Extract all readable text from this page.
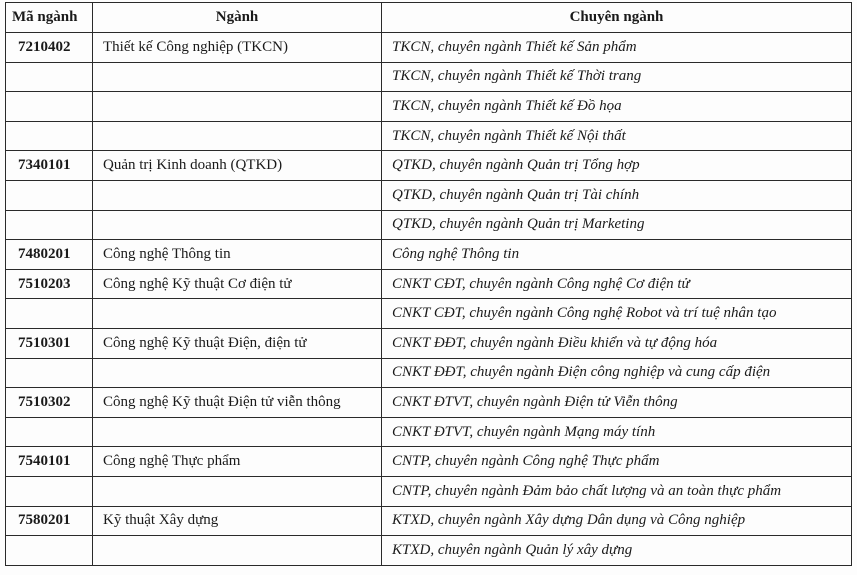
Mã ngành	Ngành	Chuyên ngành
7210402	Thiết kế Công nghiệp (TKCN)	TKCN, chuyên ngành Thiết kế Sản phẩm
		TKCN, chuyên ngành Thiết kế Thời trang
		TKCN, chuyên ngành Thiết kế Đồ họa
		TKCN, chuyên ngành Thiết kế Nội thất
7340101	Quản trị Kinh doanh (QTKD)	QTKD, chuyên ngành Quản trị Tổng hợp
		QTKD, chuyên ngành Quản trị Tài chính
		QTKD, chuyên ngành Quản trị Marketing
7480201	Công nghệ Thông tin	Công nghệ Thông tin
7510203	Công nghệ Kỹ thuật Cơ điện tử	CNKT CĐT, chuyên ngành Công nghệ Cơ điện tử
		CNKT CĐT, chuyên ngành Công nghệ Robot và trí tuệ nhân tạo
7510301	Công nghệ Kỹ thuật Điện, điện tử	CNKT ĐĐT, chuyên ngành Điều khiển và tự động hóa
		CNKT ĐĐT, chuyên ngành Điện công nghiệp và cung cấp điện
7510302	Công nghệ Kỹ thuật Điện tử viễn thông	CNKT ĐTVT, chuyên ngành Điện tử Viễn thông
		CNKT ĐTVT, chuyên ngành Mạng máy tính
7540101	Công nghệ Thực phẩm	CNTP, chuyên ngành Công nghệ Thực phẩm
		CNTP, chuyên ngành Đảm bảo chất lượng và an toàn thực phẩm
7580201	Kỹ thuật Xây dựng	KTXD, chuyên ngành Xây dựng Dân dụng và Công nghiệp
		KTXD, chuyên ngành Quản lý xây dựng
